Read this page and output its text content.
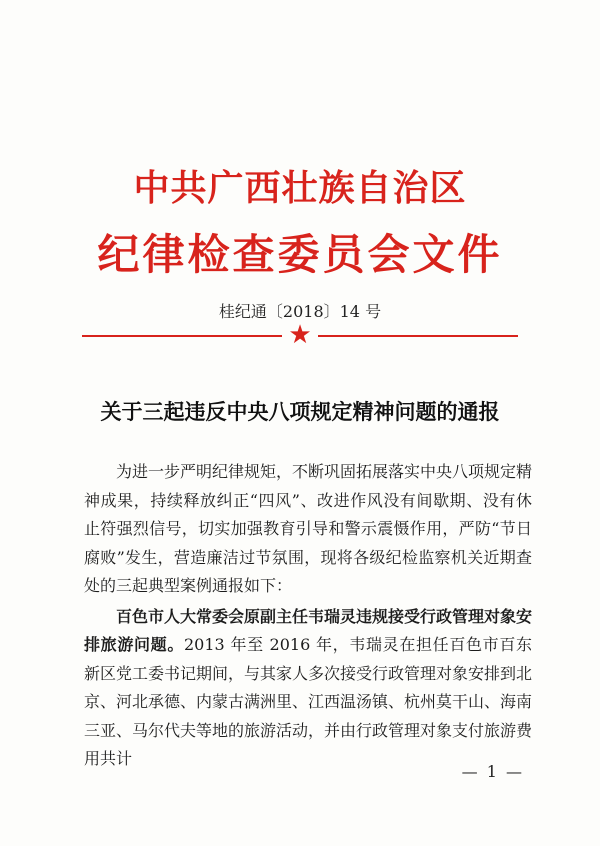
中共广西壮族自治区
纪律检查委员会文件
桂纪通〔2018〕14 号
★
关于三起违反中央八项规定精神问题的通报

为进一步严明纪律规矩，不断巩固拓展落实中央八项规定精神成果，持续释放纠正“四风”、改进作风没有间歇期、没有休止符强烈信号，切实加强教育引导和警示震慑作用，严防“节日腐败”发生，营造廉洁过节氛围，现将各级纪检监察机关近期查处的三起典型案例通报如下：

百色市人大常委会原副主任韦瑞灵违规接受行政管理对象安排旅游问题。2013 年至 2016 年，韦瑞灵在担任百色市百东新区党工委书记期间，与其家人多次接受行政管理对象安排到北京、河北承德、内蒙古满洲里、江西温汤镇、杭州莫干山、海南三亚、马尔代夫等地的旅游活动，并由行政管理对象支付旅游费用共计

— 1 —
